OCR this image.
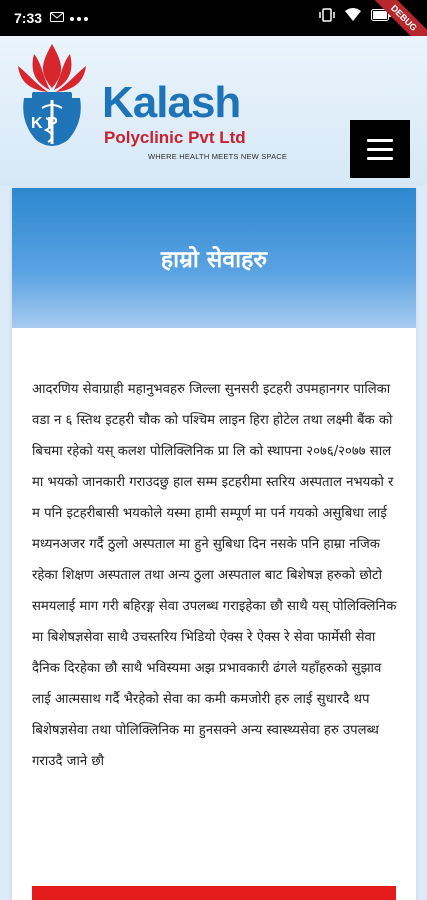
7:33
	DEBUG
K P Kalash
Polyclinic Pvt Ltd
WHERE HEALTH MEETS NEW SPACE
हाम्रो सेवाहरु

आदरणिय सेवाग्राही महानुभवहरु जिल्ला सुनसरी इटहरी उपमहानगर पालिका वडा न ६ स्तिथ इटहरी चौक को पश्चिम लाइन हिरा होटेल तथा लक्ष्मी बैंक को बिचमा रहेको यस् कलश पोलिक्लिनिक प्रा लि को स्थापना २०७६/२०७७ साल मा भयको जानकारी गराउदछु हाल सम्म इटहरीमा स्तरिय अस्पताल नभयको र म पनि इटहरीबासी भयकोले यस्मा हामी सम्पूर्ण मा पर्न गयको असुबिधा लाई मध्यनअजर गर्दै ठुलो अस्पताल मा हुने सुबिधा दिन नसके पनि हाम्रा नजिक रहेका शिक्षण अस्पताल तथा अन्य ठुला अस्पताल बाट बिशेषज्ञ हरुको छोटो समयलाई माग गरी बहिरङ्ग सेवा उपलब्ध गराइहेका छौ साथै यस् पोलिक्लिनिक मा बिशेषज्ञसेवा साथै उचस्तरिय भिडियो ऐक्स रे ऐक्स रे सेवा फार्मेसी सेवा दैनिक दिरहेका छौ साथै भविस्यमा अझ प्रभावकारी ढंगले यहाँहरुको सुझाव लाई आत्मसाथ गर्दै भैरहेको सेवा का कमी कमजोरी हरु लाई सुधारदै थप बिशेषज्ञसेवा तथा पोलिक्लिनिक मा हुनसक्ने अन्य स्वास्थ्यसेवा हरु उपलब्ध गराउदै जाने छौ
